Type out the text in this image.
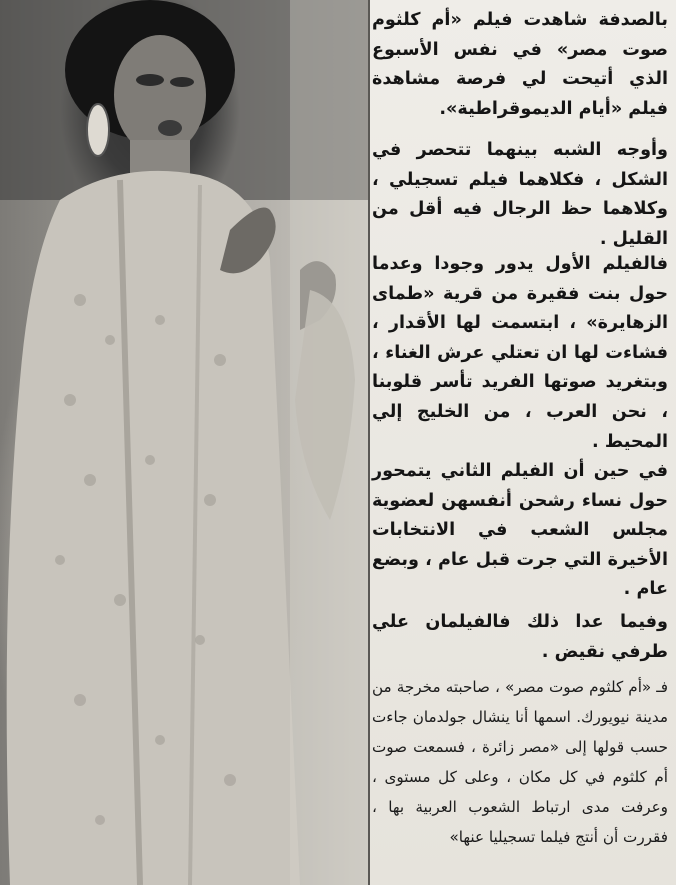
بالصدفة شاهدت فيلم «أم كلثوم صوت مصر» في نفس الأسبوع الذي أتيحت لي فرصة مشاهدة فيلم «أيام الديموقراطية».

وأوجه الشبه بينهما تتحصر في الشكل ، فكلاهما فيلم تسجيلي ، وكلاهما حظ الرجال فيه أقل من القليل .

فالفيلم الأول يدور وجودا وعدما حول بنت فقيرة من قرية «طماى الزهايرة» ، ابتسمت لها الأقدار ، فشاءت لها ان تعتلي عرش الغناء ، وبتغريد صوتها الفريد تأسر قلوبنا ، نحن العرب ، من الخليج إلي المحيط .

في حين أن الفيلم الثاني يتمحور حول نساء رشحن أنفسهن لعضوية مجلس الشعب في الانتخابات الأخيرة التي جرت قبل عام ، وبضع عام .

وفيما عدا ذلك فالفيلمان علي طرفي نقيض .

فـ «أم كلثوم صوت مصر» ، صاحبته مخرجة من مدينة نيويورك. اسمها أنا ينشال جولدمان جاءت حسب قولها إلى «مصر زائرة ، فسمعت صوت أم كلثوم في كل مكان ، وعلى كل مستوى ، وعرفت مدى ارتباط الشعوب العربية بها ، فقررت أن أنتج فيلما تسجيليا عنها»
